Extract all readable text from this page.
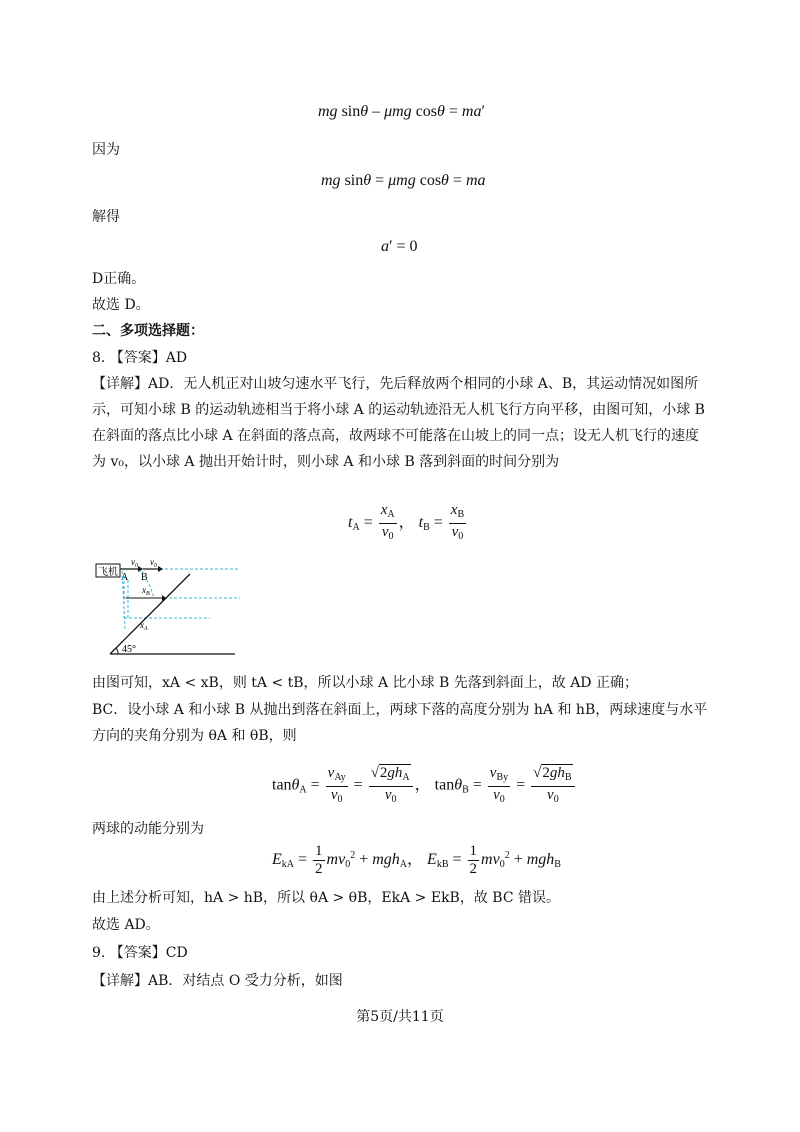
mg sinθ – μmg cosθ = ma′
因为
mg sinθ = μmg cosθ = ma
解得
a′ = 0
D正确。
故选 D。
二、多项选择题：
8. 【答案】AD
【详解】AD．无人机正对山坡匀速水平飞行，先后释放两个相同的小球 A、B，其运动情况如图所示，可知小球 B 的运动轨迹相当于将小球 A 的运动轨迹沿无人机飞行方向平移，由图可知，小球 B 在斜面的落点比小球 A 在斜面的落点高，故两球不可能落在山坡上的同一点；设无人机飞行的速度为 v₀，以小球 A 抛出开始计时，则小球 A 和小球 B 落到斜面的时间分别为
$t_A = \frac{x_A}{v_0}$ ， $t_B = \frac{x_B}{v_0}$
飞机
$v_0$ $v_0$
A B
$x_B$
$x_A$
45°
由图可知，xA < xB，则 tA < tB，所以小球 A 比小球 B 先落到斜面上，故 AD 正确；
BC．设小球 A 和小球 B 从抛出到落在斜面上，两球下落的高度分别为 hA 和 hB，两球速度与水平方向的夹角分别为 θA 和 θB，则
$\tan\theta_A = \frac{v_{Ay}}{v_0} = \frac{√2gh_A}{v_0}$ ， $\tan\theta_B = \frac{v_{By}}{v_0} = \frac{√2gh_B}{v_0}$
两球的动能分别为
$E_{kA} = \frac{1}{2} mv_0^2 + mgh_A$， $E_{kB} = \frac{1}{2} mv_0^2 + mgh_B$
由上述分析可知，hA > hB，所以 θA > θB，EkA > EkB，故 BC 错误。
故选 AD。
9. 【答案】CD
【详解】AB．对结点 O 受力分析，如图
第5页/共11页
